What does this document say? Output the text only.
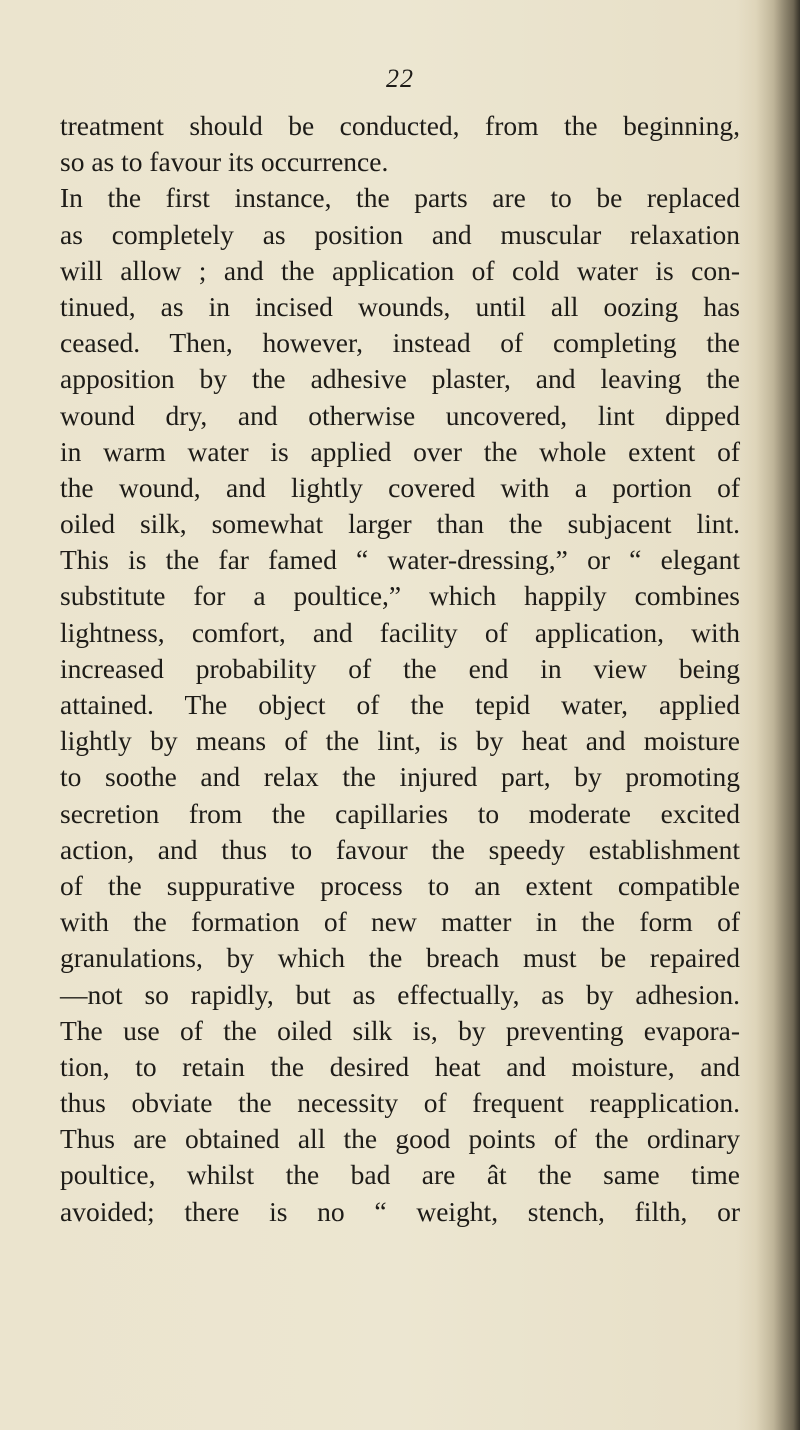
22
treatment should be conducted, from the beginning,
so as to favour its occurrence.
In the first instance, the parts are to be replaced
as completely as position and muscular relaxation
will allow ; and the application of cold water is con-
tinued, as in incised wounds, until all oozing has
ceased. Then, however, instead of completing the
apposition by the adhesive plaster, and leaving the
wound dry, and otherwise uncovered, lint dipped
in warm water is applied over the whole extent of
the wound, and lightly covered with a portion of
oiled silk, somewhat larger than the subjacent lint.
This is the far famed “ water-dressing,” or “ elegant
substitute for a poultice,” which happily combines
lightness, comfort, and facility of application, with
increased probability of the end in view being
attained. The object of the tepid water, applied
lightly by means of the lint, is by heat and moisture
to soothe and relax the injured part, by promoting
secretion from the capillaries to moderate excited
action, and thus to favour the speedy establishment
of the suppurative process to an extent compatible
with the formation of new matter in the form of
granulations, by which the breach must be repaired
—not so rapidly, but as effectually, as by adhesion.
The use of the oiled silk is, by preventing evapora-
tion, to retain the desired heat and moisture, and
thus obviate the necessity of frequent reapplication.
Thus are obtained all the good points of the ordinary
poultice, whilst the bad are ât the same time
avoided; there is no “ weight, stench, filth, or
